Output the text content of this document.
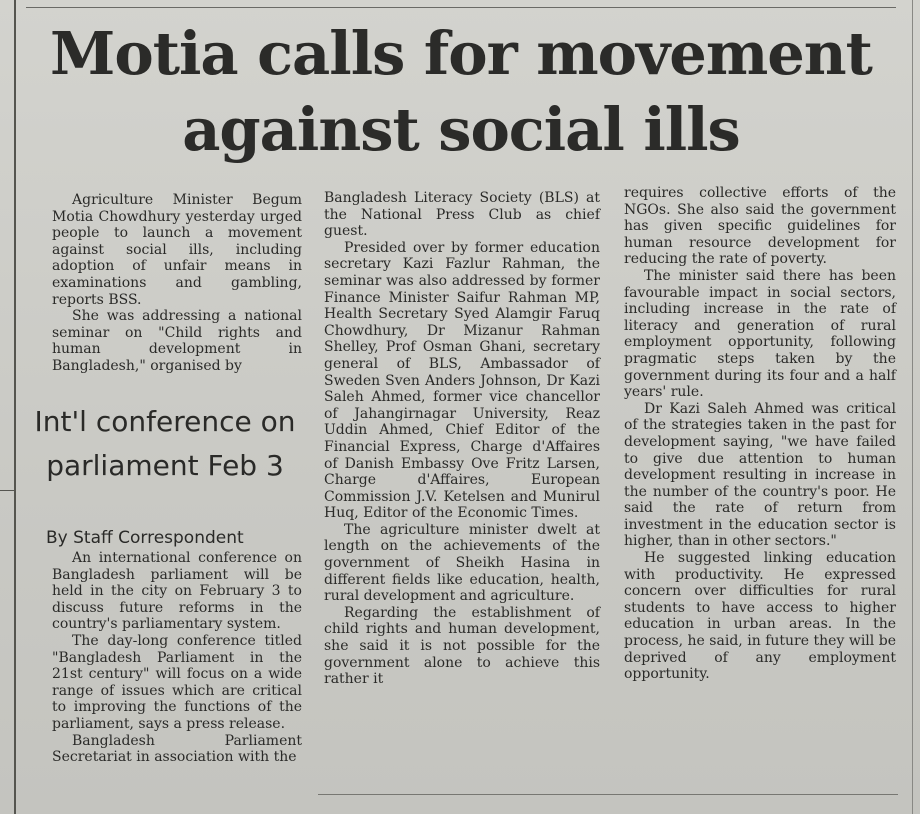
Motia calls for movement against social ills

Agriculture Minister Begum Motia Chowdhury yesterday urged people to launch a movement against social ills, including adoption of unfair means in examinations and gambling, reports BSS.

She was addressing a national seminar on "Child rights and human development in Bangladesh," organised by

Int'l conference on parliament Feb 3
By Staff Correspondent

An international conference on Bangladesh parliament will be held in the city on February 3 to discuss future reforms in the country's parliamentary system.

The day-long conference titled "Bangladesh Parliament in the 21st century" will focus on a wide range of issues which are critical to improving the functions of the parliament, says a press release.

Bangladesh Parliament Secretariat in association with the

Bangladesh Literacy Society (BLS) at the National Press Club as chief guest.

Presided over by former education secretary Kazi Fazlur Rahman, the seminar was also addressed by former Finance Minister Saifur Rahman MP, Health Secretary Syed Alamgir Faruq Chowdhury, Dr Mizanur Rahman Shelley, Prof Osman Ghani, secretary general of BLS, Ambassador of Sweden Sven Anders Johnson, Dr Kazi Saleh Ahmed, former vice chancellor of Jahangirnagar University, Reaz Uddin Ahmed, Chief Editor of the Financial Express, Charge d'Affaires of Danish Embassy Ove Fritz Larsen, Charge d'Affaires, European Commission J.V. Ketelsen and Munirul Huq, Editor of the Economic Times.

The agriculture minister dwelt at length on the achievements of the government of Sheikh Hasina in different fields like education, health, rural development and agriculture.

Regarding the establishment of child rights and human development, she said it is not possible for the government alone to achieve this rather it

requires collective efforts of the NGOs. She also said the government has given specific guidelines for human resource development for reducing the rate of poverty.

The minister said there has been favourable impact in social sectors, including increase in the rate of literacy and generation of rural employment opportunity, following pragmatic steps taken by the government during its four and a half years' rule.

Dr Kazi Saleh Ahmed was critical of the strategies taken in the past for development saying, "we have failed to give due attention to human development resulting in increase in the number of the country's poor. He said the rate of return from investment in the education sector is higher, than in other sectors."

He suggested linking education with productivity. He expressed concern over difficulties for rural students to have access to higher education in urban areas. In the process, he said, in future they will be deprived of any employment opportunity.
